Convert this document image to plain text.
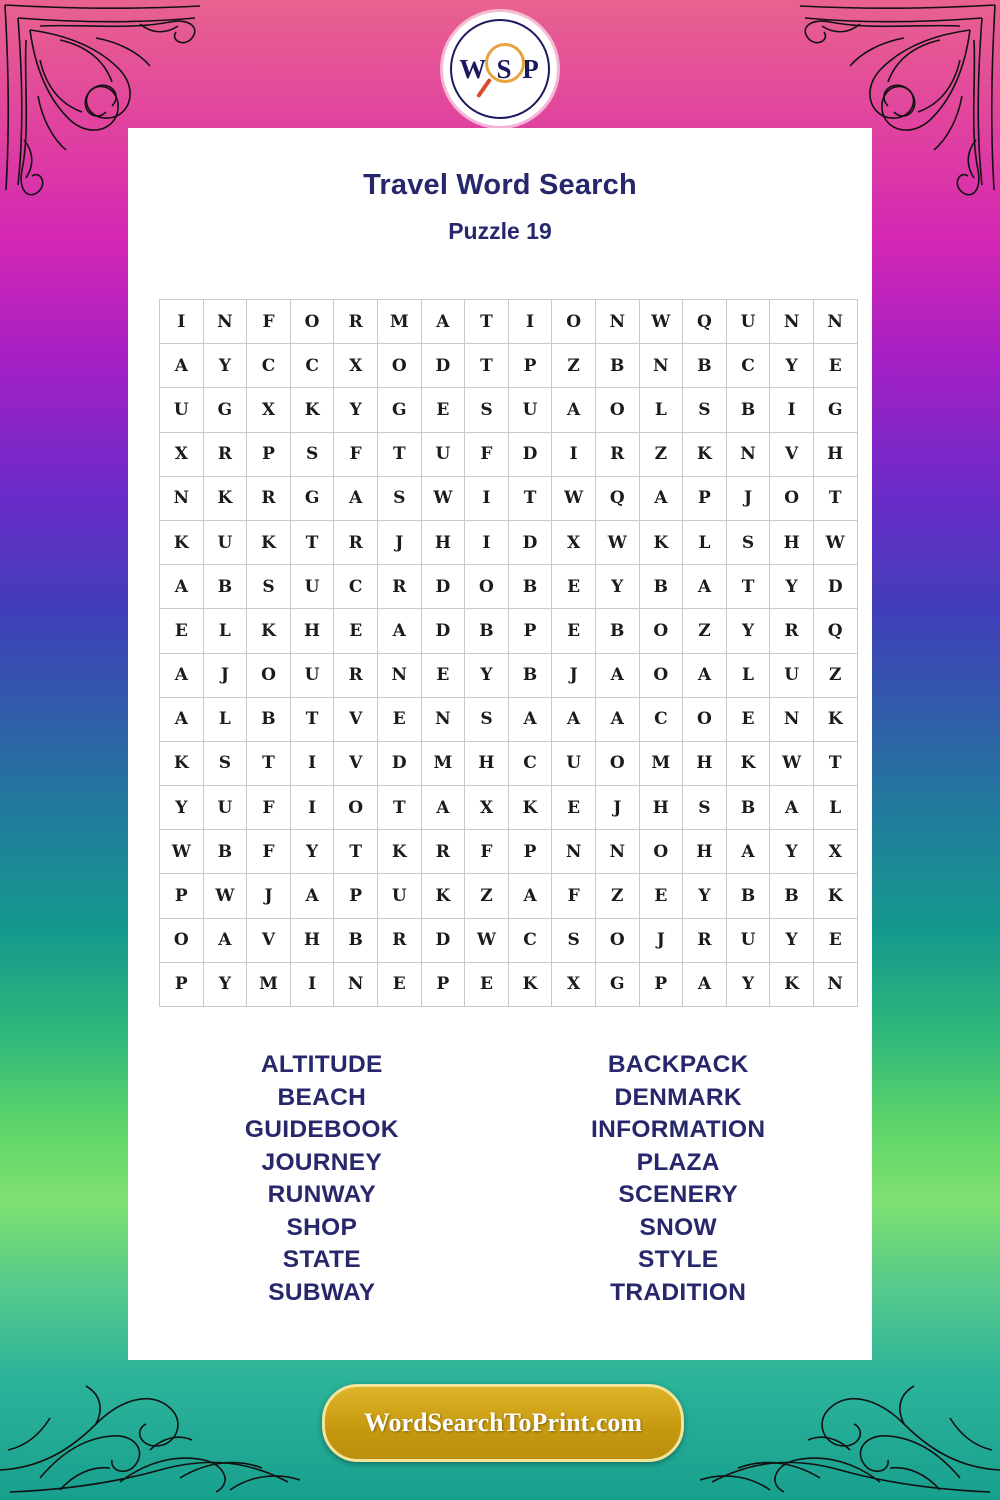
W S P
Travel Word Search
Puzzle 19
I	N	F	O	R	M	A	T	I	O	N	W	Q	U	N	N
A	Y	C	C	X	O	D	T	P	Z	B	N	B	C	Y	E
U	G	X	K	Y	G	E	S	U	A	O	L	S	B	I	G
X	R	P	S	F	T	U	F	D	I	R	Z	K	N	V	H
N	K	R	G	A	S	W	I	T	W	Q	A	P	J	O	T
K	U	K	T	R	J	H	I	D	X	W	K	L	S	H	W
A	B	S	U	C	R	D	O	B	E	Y	B	A	T	Y	D
E	L	K	H	E	A	D	B	P	E	B	O	Z	Y	R	Q
A	J	O	U	R	N	E	Y	B	J	A	O	A	L	U	Z
A	L	B	T	V	E	N	S	A	A	A	C	O	E	N	K
K	S	T	I	V	D	M	H	C	U	O	M	H	K	W	T
Y	U	F	I	O	T	A	X	K	E	J	H	S	B	A	L
W	B	F	Y	T	K	R	F	P	N	N	O	H	A	Y	X
P	W	J	A	P	U	K	Z	A	F	Z	E	Y	B	B	K
O	A	V	H	B	R	D	W	C	S	O	J	R	U	Y	E
P	Y	M	I	N	E	P	E	K	X	G	P	A	Y	K	N
ALTITUDE
BEACH
GUIDEBOOK
JOURNEY
RUNWAY
SHOP
STATE
SUBWAY
BACKPACK
DENMARK
INFORMATION
PLAZA
SCENERY
SNOW
STYLE
TRADITION
WordSearchToPrint.com
